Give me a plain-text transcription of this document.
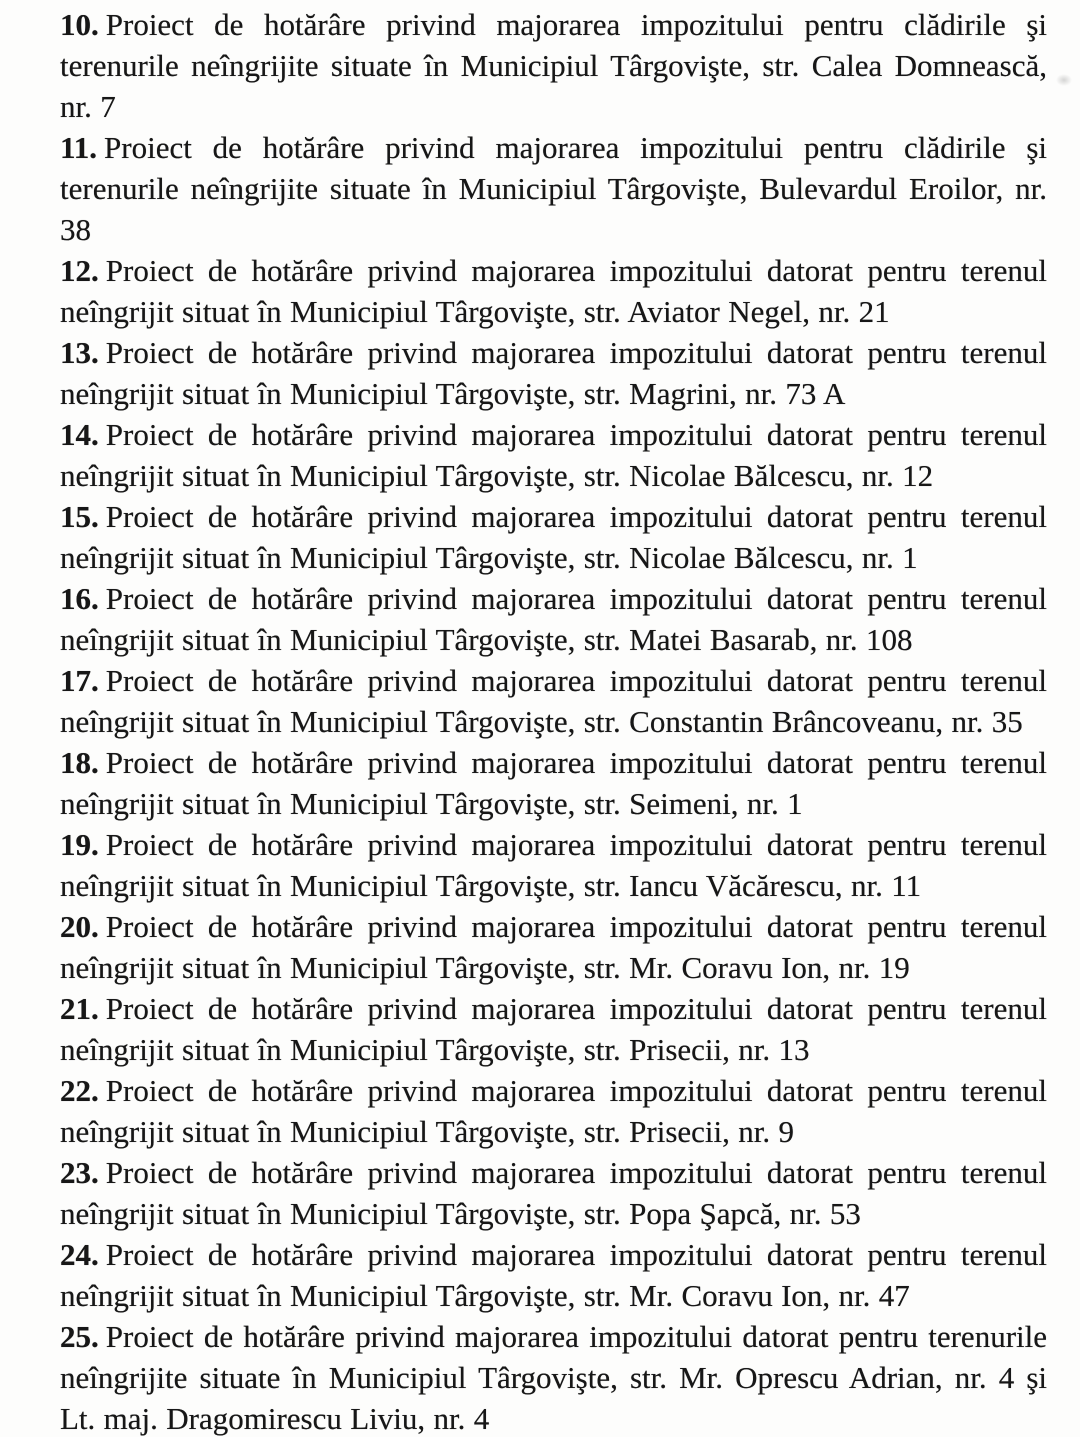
10. Proiect de hotărâre privind majorarea impozitului pentru clădirile şi terenurile neîngrijite situate în Municipiul Târgovişte, str. Calea Domnească, nr. 7

11. Proiect de hotărâre privind majorarea impozitului pentru clădirile şi terenurile neîngrijite situate în Municipiul Târgovişte, Bulevardul Eroilor, nr. 38

12. Proiect de hotărâre privind majorarea impozitului datorat pentru terenul neîngrijit situat în Municipiul Târgovişte, str. Aviator Negel, nr. 21

13. Proiect de hotărâre privind majorarea impozitului datorat pentru terenul neîngrijit situat în Municipiul Târgovişte, str. Magrini, nr. 73 A

14. Proiect de hotărâre privind majorarea impozitului datorat pentru terenul neîngrijit situat în Municipiul Târgovişte, str. Nicolae Bălcescu, nr. 12

15. Proiect de hotărâre privind majorarea impozitului datorat pentru terenul neîngrijit situat în Municipiul Târgovişte, str. Nicolae Bălcescu, nr. 1

16. Proiect de hotărâre privind majorarea impozitului datorat pentru terenul neîngrijit situat în Municipiul Târgovişte, str. Matei Basarab, nr. 108

17. Proiect de hotărâre privind majorarea impozitului datorat pentru terenul neîngrijit situat în Municipiul Târgovişte, str. Constantin Brâncoveanu, nr. 35

18. Proiect de hotărâre privind majorarea impozitului datorat pentru terenul neîngrijit situat în Municipiul Târgovişte, str. Seimeni, nr. 1

19. Proiect de hotărâre privind majorarea impozitului datorat pentru terenul neîngrijit situat în Municipiul Târgovişte, str. Iancu Văcărescu, nr. 11

20. Proiect de hotărâre privind majorarea impozitului datorat pentru terenul neîngrijit situat în Municipiul Târgovişte, str. Mr. Coravu Ion, nr. 19

21. Proiect de hotărâre privind majorarea impozitului datorat pentru terenul neîngrijit situat în Municipiul Târgovişte, str. Prisecii, nr. 13

22. Proiect de hotărâre privind majorarea impozitului datorat pentru terenul neîngrijit situat în Municipiul Târgovişte, str. Prisecii, nr. 9

23. Proiect de hotărâre privind majorarea impozitului datorat pentru terenul neîngrijit situat în Municipiul Târgovişte, str. Popa Şapcă, nr. 53

24. Proiect de hotărâre privind majorarea impozitului datorat pentru terenul neîngrijit situat în Municipiul Târgovişte, str. Mr. Coravu Ion, nr. 47

25. Proiect de hotărâre privind majorarea impozitului datorat pentru terenurile neîngrijite situate în Municipiul Târgovişte, str. Mr. Oprescu Adrian, nr. 4 şi Lt. maj. Dragomirescu Liviu, nr. 4
